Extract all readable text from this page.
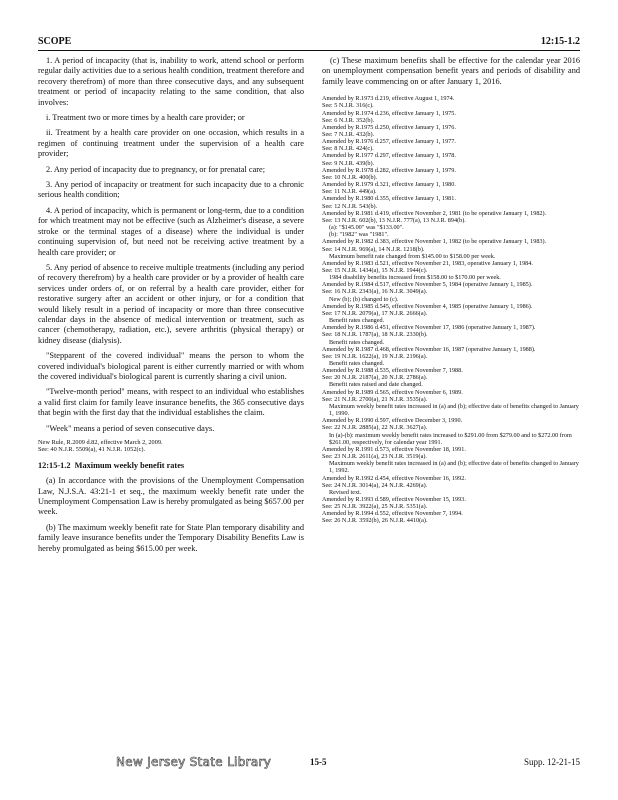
SCOPE	12:15-1.2

1. A period of incapacity (that is, inability to work, attend school or perform regular daily activities due to a serious health condition, treatment therefore and recovery therefrom) of more than three consecutive days, and any subsequent treatment or period of incapacity relating to the same condition, that also involves:

i. Treatment two or more times by a health care provider; or

ii. Treatment by a health care provider on one occasion, which results in a regimen of continuing treatment under the supervision of a health care provider;

2. Any period of incapacity due to pregnancy, or for prenatal care;

3. Any period of incapacity or treatment for such incapacity due to a chronic serious health condition;

4. A period of incapacity, which is permanent or long-term, due to a condition for which treatment may not be effective (such as Alzheimer's disease, a severe stroke or the terminal stages of a disease) where the individual is under continuing supervision of, but need not be receiving active treatment by a health care provider; or

5. Any period of absence to receive multiple treatments (including any period of recovery therefrom) by a health care provider or by a provider of health care services under orders of, or on referral by a health care provider, either for restorative surgery after an accident or other injury, or for a condition that would likely result in a period of incapacity or more than three consecutive calendar days in the absence of medical intervention or treatment, such as cancer (chemotherapy, radiation, etc.), severe arthritis (physical therapy) or kidney disease (dialysis).

"Stepparent of the covered individual" means the person to whom the covered individual's biological parent is either currently married or with whom the covered individual's biological parent is currently sharing a civil union.

"Twelve-month period" means, with respect to an individual who establishes a valid first claim for family leave insurance benefits, the 365 consecutive days that begin with the first day that the individual establishes the claim.

"Week" means a period of seven consecutive days.

New Rule, R.2009 d.82, effective March 2, 2009.
See: 40 N.J.R. 5509(a), 41 N.J.R. 1052(c).
12:15-1.2 Maximum weekly benefit rates

(a) In accordance with the provisions of the Unemployment Compensation Law, N.J.S.A. 43:21-1 et seq., the maximum weekly benefit rate under the Unemployment Compensation Law is hereby promulgated as being $657.00 per week.

(b) The maximum weekly benefit rate for State Plan temporary disability and family leave insurance benefits under the Temporary Disability Benefits Law is hereby promulgated as being $615.00 per week.

(c) These maximum benefits shall be effective for the calendar year 2016 on unemployment compensation benefit years and periods of disability and family leave commencing on or after January 1, 2016.

Amended by R.1973 d.219, effective August 1, 1974.
See: 5 N.J.R. 316(c).
Amended by R.1974 d.236, effective January 1, 1975.
See: 6 N.J.R. 352(b).
Amended by R.1975 d.250, effective January 1, 1976.
See: 7 N.J.R. 432(b).
Amended by R.1976 d.257, effective January 1, 1977.
See: 8 N.J.R. 424(c).
Amended by R.1977 d.297, effective January 1, 1978.
See: 9 N.J.R. 439(b).
Amended by R.1978 d.282, effective January 1, 1979.
See: 10 N.J.R. 400(b).
Amended by R.1979 d.321, effective January 1, 1980.
See: 11 N.J.R. 449(a).
Amended by R.1980 d.355, effective January 1, 1981.
See: 12 N.J.R. 543(b).
Amended by R.1981 d.419, effective November 2, 1981 (to be operative January 1, 1982).
See: 13 N.J.R. 602(b), 13 N.J.R. 777(a), 13 N.J.R. 894(b).
(a): "$145.00" was "$133.00".
(b): "1982" was "1981".
Amended by R.1982 d.383, effective November 1, 1982 (to be operative January 1, 1983).
See: 14 N.J.R. 969(a), 14 N.J.R. 1218(b).
Maximum benefit rate changed from $145.00 to $158.00 per week.
Amended by R.1983 d.521, effective November 21, 1983, operative January 1, 1984.
See: 15 N.J.R. 1434(a), 15 N.J.R. 1944(c).
1984 disability benefits increased from $158.00 to $170.00 per week.
Amended by R.1984 d.517, effective November 5, 1984 (operative January 1, 1985).
See: 16 N.J.R. 2343(a), 16 N.J.R. 3049(a).
New (b); (b) changed to (c).
Amended by R.1985 d.545, effective November 4, 1985 (operative January 1, 1986).
See: 17 N.J.R. 2079(a), 17 N.J.R. 2666(a).
Benefit rates changed.
Amended by R.1986 d.451, effective November 17, 1986 (operative January 1, 1987).
See: 18 N.J.R. 1787(a), 18 N.J.R. 2330(b).
Benefit rates changed.
Amended by R.1987 d.468, effective November 16, 1987 (operative January 1, 1988).
See: 19 N.J.R. 1622(a), 19 N.J.R. 2196(a).
Benefit rates changed.
Amended by R.1988 d.535, effective November 7, 1988.
See: 20 N.J.R. 2187(a), 20 N.J.R. 2786(a).
Benefit rates raised and date changed.
Amended by R.1989 d.565, effective November 6, 1989.
See: 21 N.J.R. 2700(a), 21 N.J.R. 3535(a).
Maximum weekly benefit rates increased in (a) and (b); effective date of benefits changed to January 1, 1990.
Amended by R.1990 d.597, effective December 3, 1990.
See: 22 N.J.R. 2885(a), 22 N.J.R. 3627(a).
In (a)-(b): maximum weekly benefit rates increased to $291.00 from $279.00 and to $272.00 from $261.00, respectively, for calendar year 1991.
Amended by R.1991 d.573, effective November 18, 1991.
See: 23 N.J.R. 2611(a), 23 N.J.R. 3519(a).
Maximum weekly benefit rates increased in (a) and (b); effective date of benefits changed to January 1, 1992.
Amended by R.1992 d.454, effective November 16, 1992.
See: 24 N.J.R. 3014(a), 24 N.J.R. 4269(a).
Revised text.
Amended by R.1993 d.589, effective November 15, 1993.
See: 25 N.J.R. 3922(a), 25 N.J.R. 5351(a).
Amended by R.1994 d.552, effective November 7, 1994.
See: 26 N.J.R. 3592(b), 26 N.J.R. 4410(a).
New Jersey State Library	15-5	Supp. 12-21-15
